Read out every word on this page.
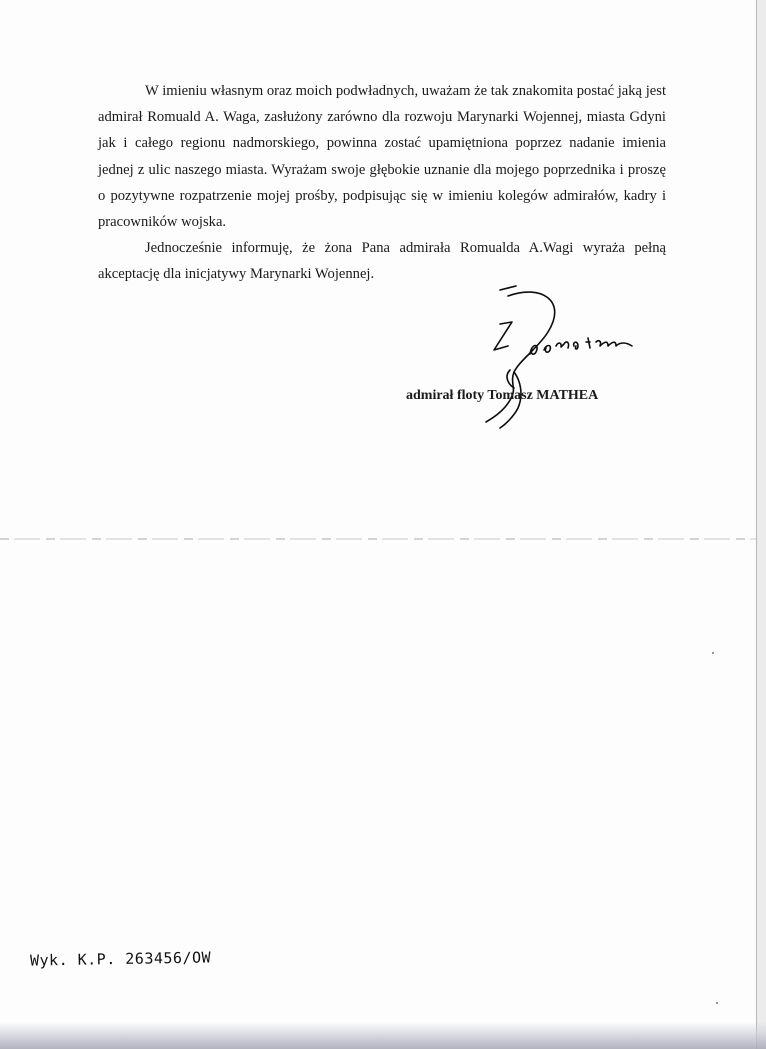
W imieniu własnym oraz moich podwładnych, uważam że tak znakomita postać jaką jest admirał Romuald A. Waga, zasłużony zarówno dla rozwoju Marynarki Wojennej, miasta Gdyni jak i całego regionu nadmorskiego, powinna zostać upamiętniona poprzez nadanie imienia jednej z ulic naszego miasta. Wyrażam swoje głębokie uznanie dla mojego poprzednika i proszę o pozytywne rozpatrzenie mojej prośby, podpisując się w imieniu kolegów admirałów, kadry i pracowników wojska.

Jednocześnie informuję, że żona Pana admirała Romualda A.Wagi wyraża pełną akceptację dla inicjatywy Marynarki Wojennej.

admirał floty Tomasz MATHEA
Wyk. K.P. 263456/OW
